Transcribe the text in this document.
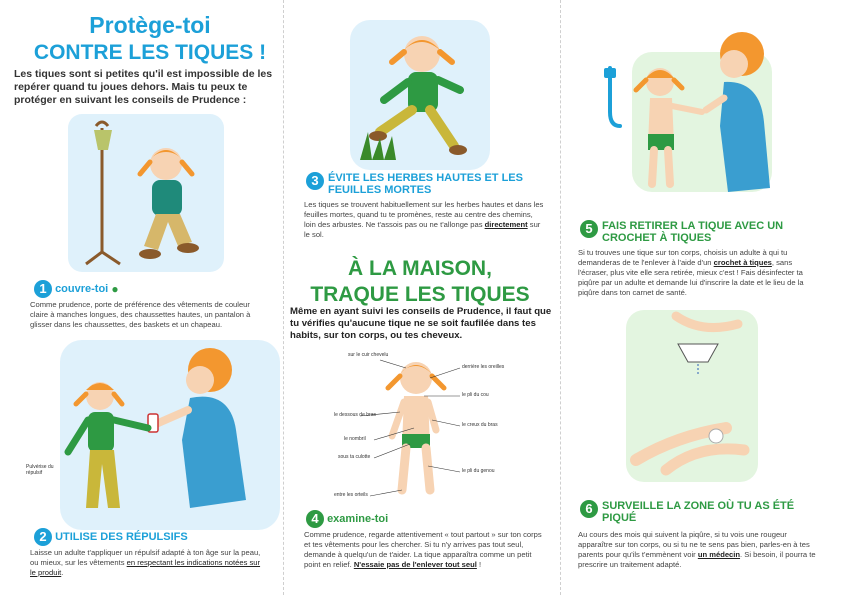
Protège-toi
CONTRE LES TIQUES !
Les tiques sont si petites qu'il est impossible de les repérer quand tu joues dehors. Mais tu peux te protéger en suivant les conseils de Prudence :
1 couvre-toi ●
Comme prudence, porte de préférence des vêtements de couleur claire à manches longues, des chaussettes hautes, un pantalon à glisser dans les chaussettes, des baskets et un chapeau.
Pulvérise du répulsif
2 UTILISE DES RÉPULSIFS
Laisse un adulte t'appliquer un répulsif adapté à ton âge sur la peau, ou mieux, sur les vêtements en respectant les indications notées sur le produit.
3 ÉVITE LES HERBES HAUTES ET LES FEUILLES MORTES
Les tiques se trouvent habituellement sur les herbes hautes et dans les feuilles mortes, quand tu te promènes, reste au centre des chemins, loin des arbustes. Ne t'assois pas ou ne t'allonge pas directement sur le sol.
À LA MAISON,
TRAQUE LES TIQUES
Même en ayant suivi les conseils de Prudence, il faut que tu vérifies qu'aucune tique ne se soit faufilée dans tes habits, sur ton corps, ou tes cheveux.
sur le cuir chevelu
derrière les oreilles
le pli du cou
le dessous de bras
le creux du bras
le nombril
sous ta culotte
le pli du genou
entre les orteils
4 examine-toi
Comme prudence, regarde attentivement « tout partout » sur ton corps et tes vêtements pour les chercher. Si tu n'y arrives pas tout seul, demande à quelqu'un de t'aider. La tique apparaîtra comme un petit point en relief. N'essaie pas de l'enlever tout seul !
5 FAIS RETIRER LA TIQUE AVEC UN CROCHET À TIQUES
Si tu trouves une tique sur ton corps, choisis un adulte à qui tu demanderas de te l'enlever à l'aide d'un crochet à tiques, sans l'écraser, plus vite elle sera retirée, mieux c'est ! Fais désinfecter ta piqûre par un adulte et demande lui d'inscrire la date et le lieu de la piqûre dans ton carnet de santé.
6 SURVEILLE LA ZONE OÙ TU AS ÉTÉ PIQUÉ
Au cours des mois qui suivent la piqûre, si tu vois une rougeur apparaître sur ton corps, ou si tu ne te sens pas bien, parles-en à tes parents pour qu'ils t'emmènent voir un médecin. Si besoin, il pourra te prescrire un traitement adapté.
